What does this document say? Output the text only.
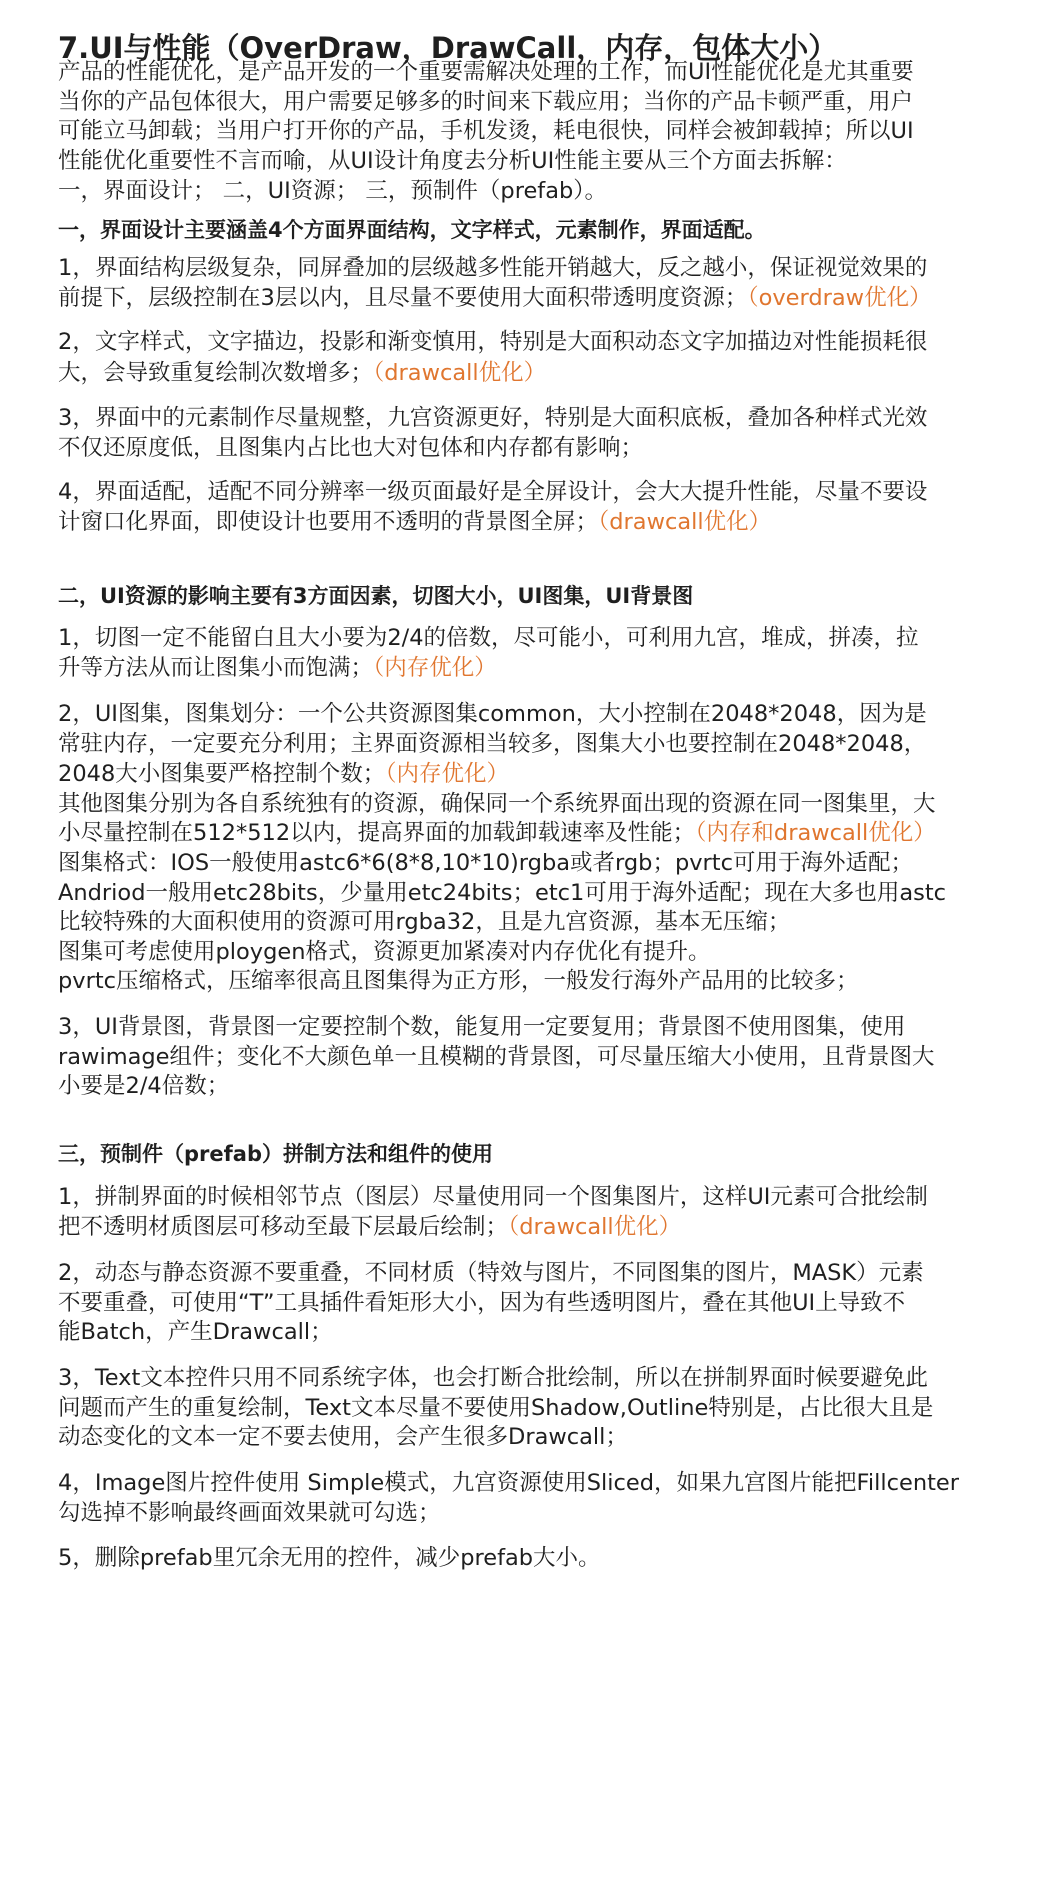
7.UI与性能（OverDraw，DrawCall，内存，包体大小）
产品的性能优化，是产品开发的一个重要需解决处理的工作，而UI性能优化是尤其重要
当你的产品包体很大，用户需要足够多的时间来下载应用；当你的产品卡顿严重，用户
可能立马卸载；当用户打开你的产品，手机发烫，耗电很快，同样会被卸载掉；所以UI
性能优化重要性不言而喻，从UI设计角度去分析UI性能主要从三个方面去拆解：
一，界面设计； 二，UI资源； 三，预制件（prefab）。
一，界面设计主要涵盖4个方面界面结构，文字样式，元素制作，界面适配。
1，界面结构层级复杂，同屏叠加的层级越多性能开销越大，反之越小，保证视觉效果的
前提下，层级控制在3层以内，且尽量不要使用大面积带透明度资源；（overdraw优化）
2，文字样式，文字描边，投影和渐变慎用，特别是大面积动态文字加描边对性能损耗很
大，会导致重复绘制次数增多；（drawcall优化）
3，界面中的元素制作尽量规整，九宫资源更好，特别是大面积底板，叠加各种样式光效
不仅还原度低，且图集内占比也大对包体和内存都有影响；
4，界面适配，适配不同分辨率一级页面最好是全屏设计，会大大提升性能，尽量不要设
计窗口化界面，即使设计也要用不透明的背景图全屏；（drawcall优化）
二，UI资源的影响主要有3方面因素，切图大小，UI图集，UI背景图
1，切图一定不能留白且大小要为2/4的倍数，尽可能小，可利用九宫，堆成，拼凑，拉
升等方法从而让图集小而饱满；（内存优化）
2，UI图集，图集划分：一个公共资源图集common，大小控制在2048*2048，因为是
常驻内存，一定要充分利用；主界面资源相当较多，图集大小也要控制在2048*2048，
2048大小图集要严格控制个数；（内存优化）
其他图集分别为各自系统独有的资源，确保同一个系统界面出现的资源在同一图集里，大
小尽量控制在512*512以内，提高界面的加载卸载速率及性能；（内存和drawcall优化）
图集格式：IOS一般使用astc6*6(8*8,10*10)rgba或者rgb；pvrtc可用于海外适配；
Andriod一般用etc28bits，少量用etc24bits；etc1可用于海外适配；现在大多也用astc
比较特殊的大面积使用的资源可用rgba32，且是九宫资源，基本无压缩；
图集可考虑使用ploygen格式，资源更加紧凑对内存优化有提升。
pvrtc压缩格式，压缩率很高且图集得为正方形，一般发行海外产品用的比较多；
3，UI背景图，背景图一定要控制个数，能复用一定要复用；背景图不使用图集，使用
rawimage组件；变化不大颜色单一且模糊的背景图，可尽量压缩大小使用，且背景图大
小要是2/4倍数；
三，预制件（prefab）拼制方法和组件的使用
1，拼制界面的时候相邻节点（图层）尽量使用同一个图集图片，这样UI元素可合批绘制
把不透明材质图层可移动至最下层最后绘制；（drawcall优化）
2，动态与静态资源不要重叠，不同材质（特效与图片，不同图集的图片，MASK）元素
不要重叠，可使用“T”工具插件看矩形大小，因为有些透明图片，叠在其他UI上导致不
能Batch，产生Drawcall；
3，Text文本控件只用不同系统字体，也会打断合批绘制，所以在拼制界面时候要避免此
问题而产生的重复绘制，Text文本尽量不要使用Shadow,Outline特别是，占比很大且是
动态变化的文本一定不要去使用，会产生很多Drawcall；
4，Image图片控件使用 Simple模式，九宫资源使用Sliced，如果九宫图片能把Fillcenter
勾选掉不影响最终画面效果就可勾选；
5，删除prefab里冗余无用的控件，减少prefab大小。
